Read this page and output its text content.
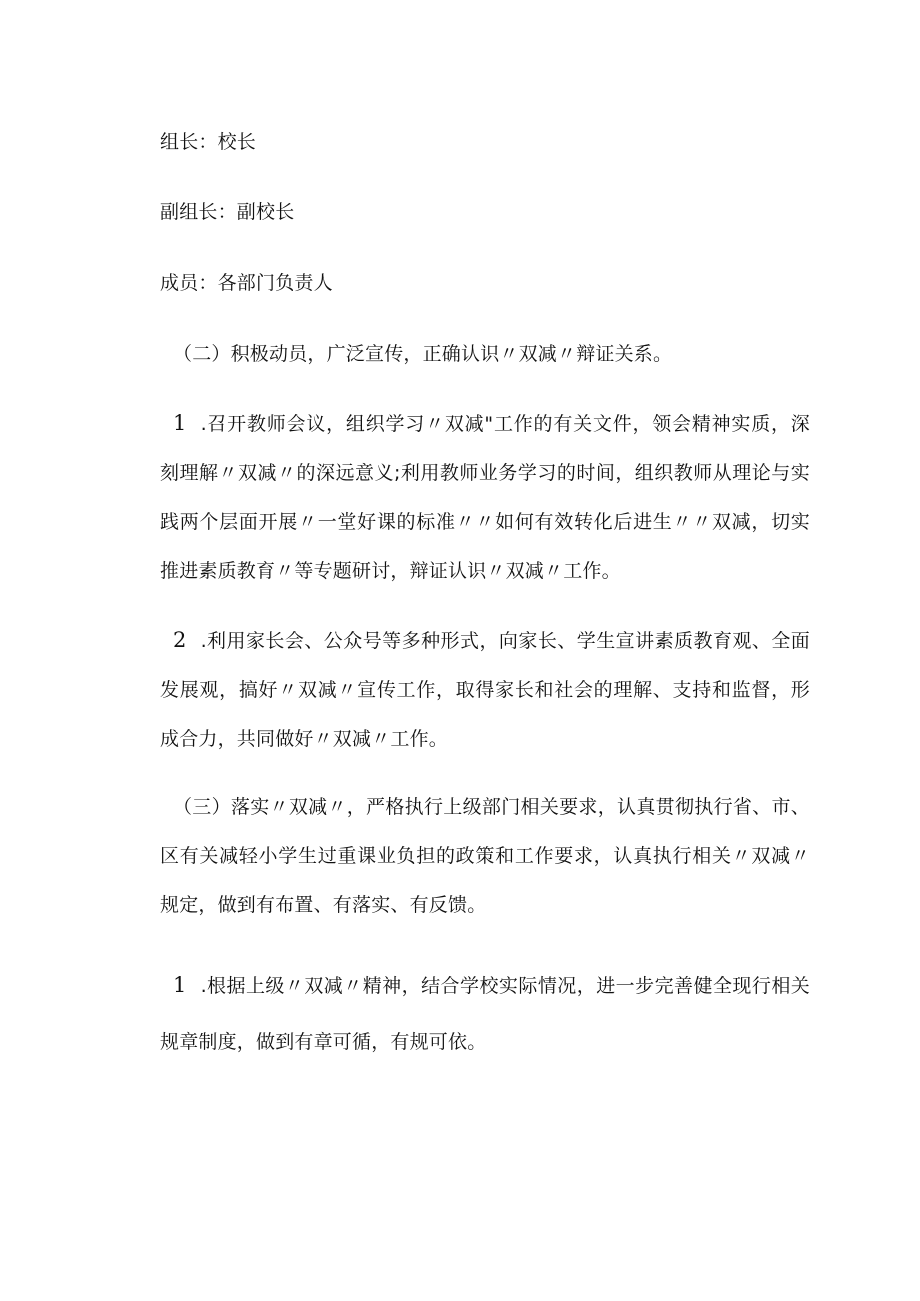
组长：校长
副组长：副校长
成员：各部门负责人
（二）积极动员，广泛宣传，正确认识〃双减〃辩证关系。
1 .召开教师会议，组织学习〃双减"工作的有关文件，领会精神实质，深刻理解〃双减〃的深远意义;利用教师业务学习的时间，组织教师从理论与实践两个层面开展〃一堂好课的标准〃〃如何有效转化后进生〃〃双减，切实推进素质教育〃等专题研讨，辩证认识〃双减〃工作。
2 .利用家长会、公众号等多种形式，向家长、学生宣讲素质教育观、全面发展观，搞好〃双减〃宣传工作，取得家长和社会的理解、支持和监督，形成合力，共同做好〃双减〃工作。
（三）落实〃双减〃，严格执行上级部门相关要求，认真贯彻执行省、市、区有关减轻小学生过重课业负担的政策和工作要求，认真执行相关〃双减〃规定，做到有布置、有落实、有反馈。
1 .根据上级〃双减〃精神，结合学校实际情况，进一步完善健全现行相关规章制度，做到有章可循，有规可依。
